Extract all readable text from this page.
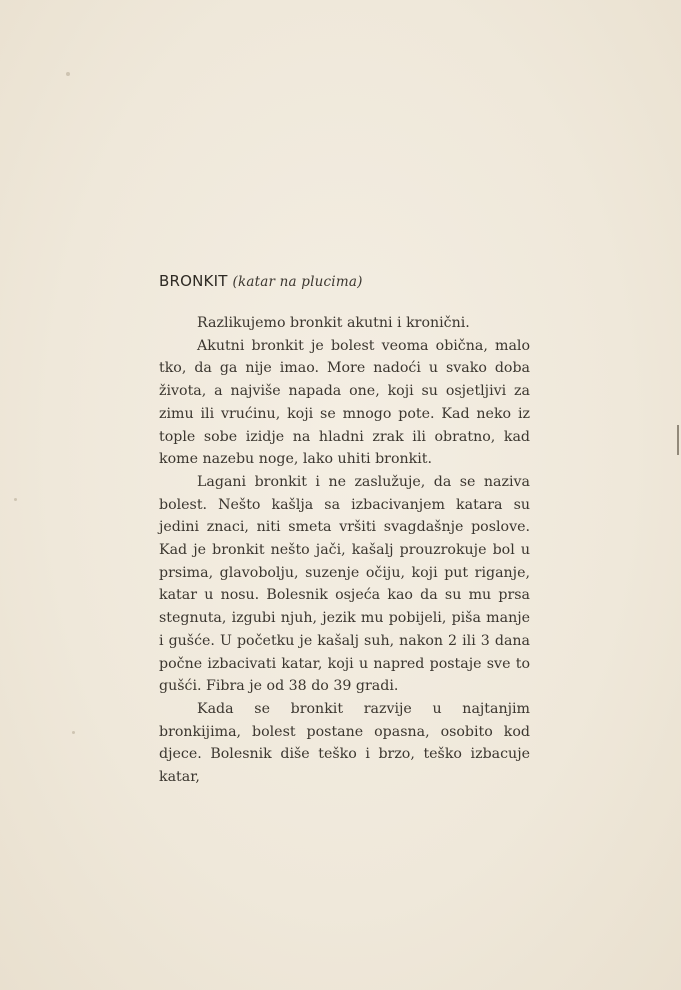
BRONKIT (katar na plucima)

Razlikujemo bronkit akutni i kronični.

Akutni bronkit je bolest veoma obična, malo tko, da ga nije imao. More nadoći u svako doba života, a najviše napada one, koji su osjetljivi za zimu ili vrućinu, koji se mnogo pote. Kad neko iz tople sobe izidje na hladni zrak ili obratno, kad kome nazebu noge, lako uhiti bronkit.

Lagani bronkit i ne zaslužuje, da se naziva bolest. Nešto kašlja sa izbacivanjem katara su jedini znaci, niti smeta vršiti svagdašnje poslove. Kad je bronkit nešto jači, kašalj prouzrokuje bol u prsima, glavobolju, suzenje očiju, koji put riganje, katar u nosu. Bolesnik osjeća kao da su mu prsa stegnuta, izgubi njuh, jezik mu pobijeli, piša manje i gušće. U početku je kašalj suh, nakon 2 ili 3 dana počne izbacivati katar, koji u napred postaje sve to gušći. Fibra je od 38 do 39 gradi.

Kada se bronkit razvije u najtanjim bronkijima, bolest postane opasna, osobito kod djece. Bolesnik diše teško i brzo, teško izbacuje katar,
